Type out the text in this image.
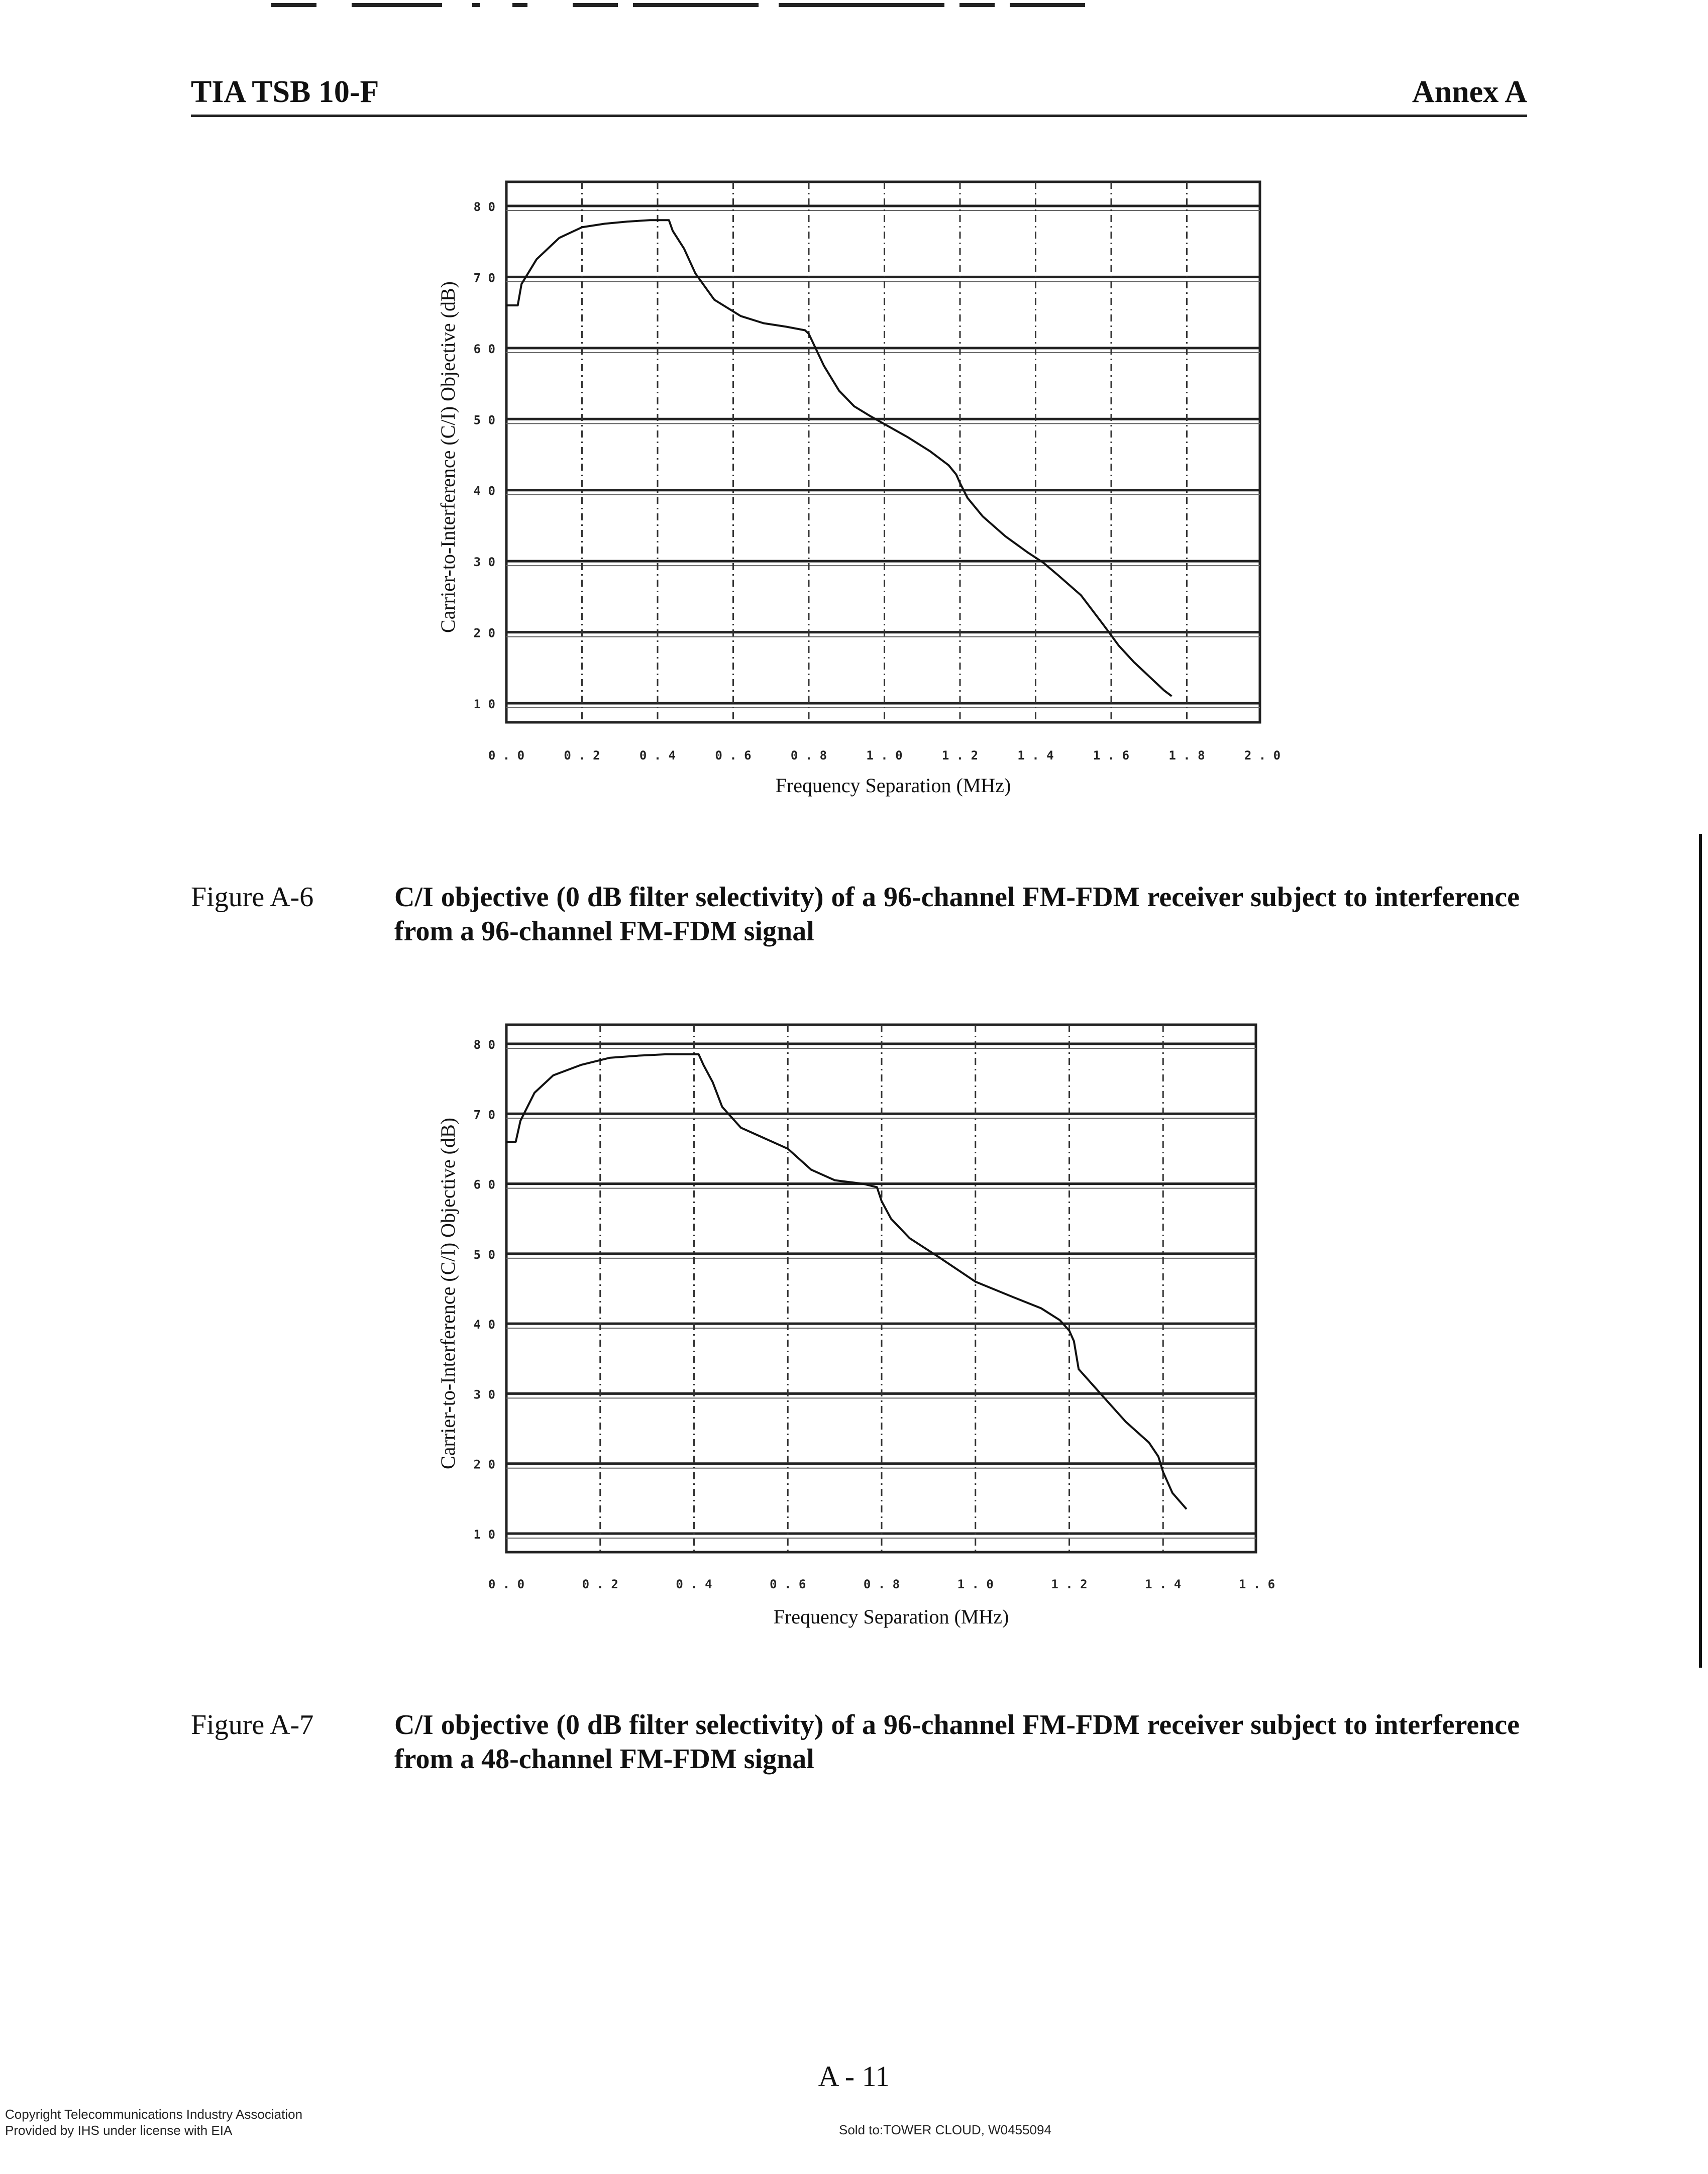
TIA TSB 10-F	Annex A
1 0
2 0
3 0
4 0
5 0
6 0
7 0
8 0
0 . 0	0 . 2	0 . 4	0 . 6	0 . 8	1 . 0	1 . 2	1 . 4	1 . 6	1 . 8	2 . 0
Frequency Separation (MHz)
Carrier-to-Interference (C/I) Objective (dB)
Figure A-6	C/I objective (0 dB filter selectivity) of a 96-channel FM-FDM receiver subject to interference from a 96-channel FM-FDM signal
1 0
2 0
3 0
4 0
5 0
6 0
7 0
8 0
0 . 0	0 . 2	0 . 4	0 . 6	0 . 8	1 . 0	1 . 2	1 . 4	1 . 6
Frequency Separation (MHz)
Carrier-to-Interference (C/I) Objective (dB)
Figure A-7	C/I objective (0 dB filter selectivity) of a 96-channel FM-FDM receiver subject to interference from a 48-channel FM-FDM signal
A - 11
Copyright Telecommunications Industry Association
Provided by IHS under license with EIA	Sold to:TOWER CLOUD, W0455094
